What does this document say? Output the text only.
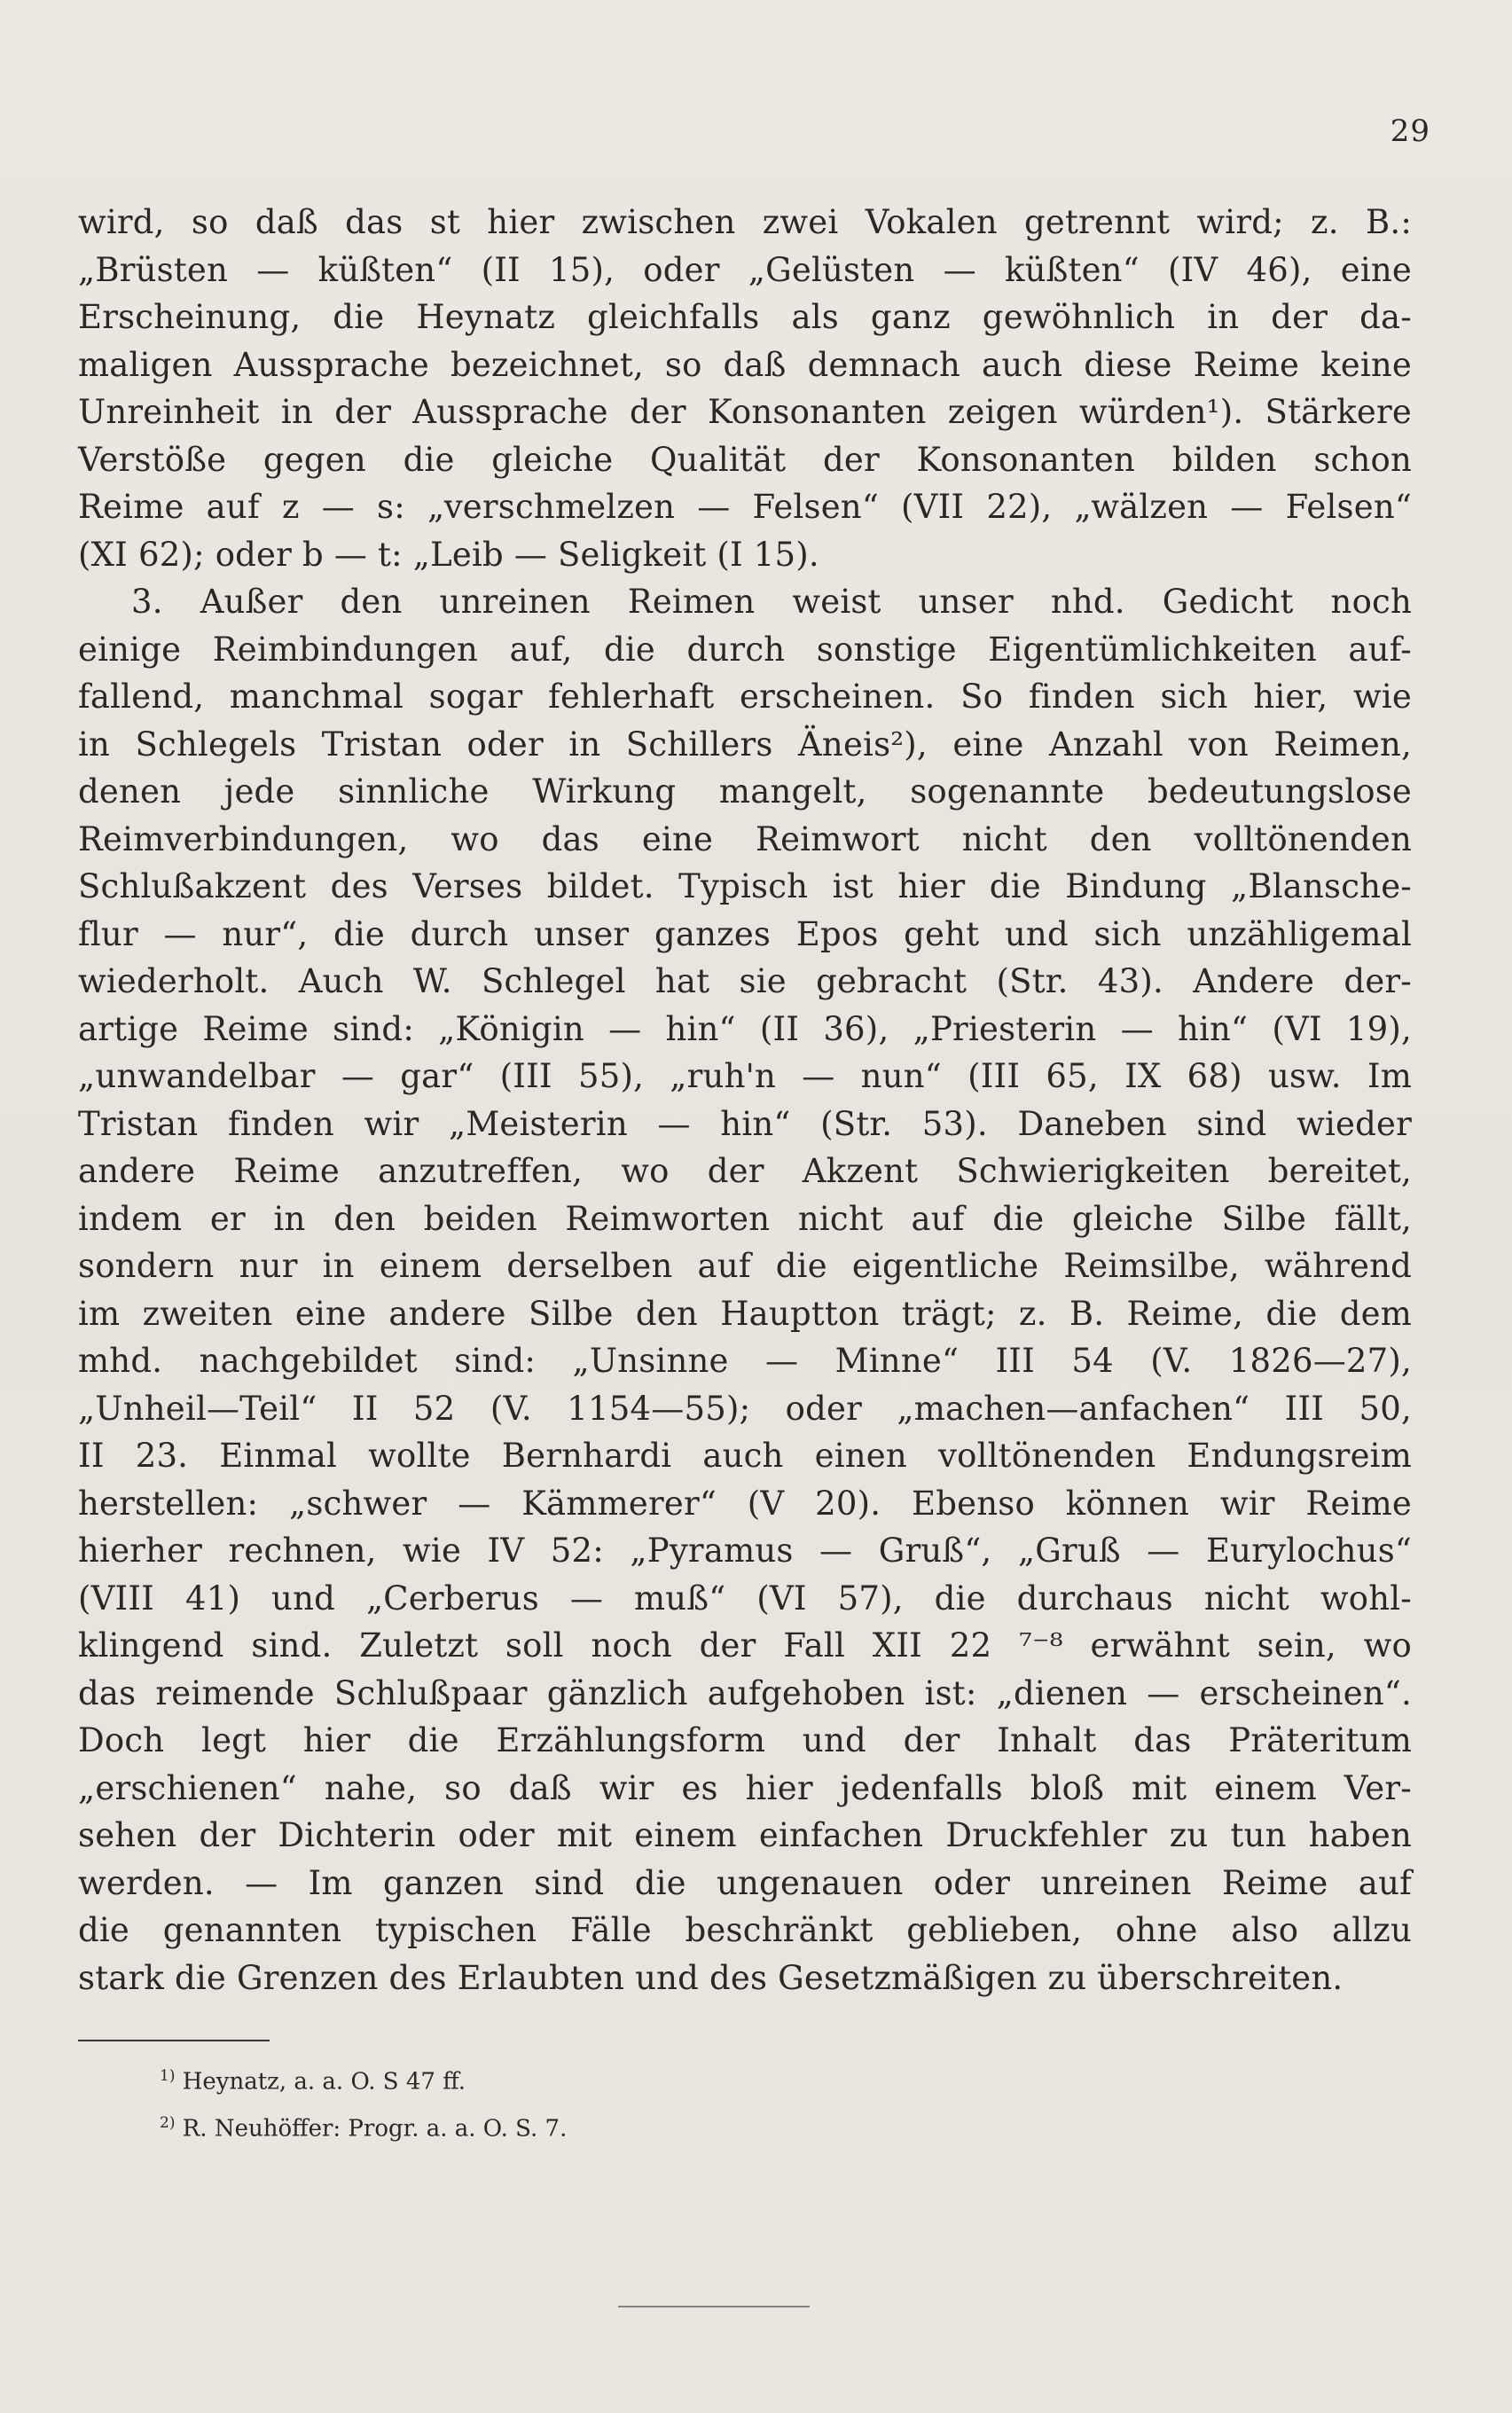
29
wird, so daß das st hier zwischen zwei Vokalen getrennt wird; z. B.:
„Brüsten — küßten“ (II 15), oder „Gelüsten — küßten“ (IV 46), eine
Erscheinung, die Heynatz gleichfalls als ganz gewöhnlich in der da-
maligen Aussprache bezeichnet, so daß demnach auch diese Reime keine
Unreinheit in der Aussprache der Konsonanten zeigen würden¹). Stärkere
Verstöße gegen die gleiche Qualität der Konsonanten bilden schon
Reime auf z — s: „verschmelzen — Felsen“ (VII 22), „wälzen — Felsen“
(XI 62); oder b — t: „Leib — Seligkeit (I 15).
3. Außer den unreinen Reimen weist unser nhd. Gedicht noch
einige Reimbindungen auf, die durch sonstige Eigentümlichkeiten auf-
fallend, manchmal sogar fehlerhaft erscheinen. So finden sich hier, wie
in Schlegels Tristan oder in Schillers Äneis²), eine Anzahl von Reimen,
denen jede sinnliche Wirkung mangelt, sogenannte bedeutungslose
Reimverbindungen, wo das eine Reimwort nicht den volltönenden
Schlußakzent des Verses bildet. Typisch ist hier die Bindung „Blansche-
flur — nur“, die durch unser ganzes Epos geht und sich unzähligemal
wiederholt. Auch W. Schlegel hat sie gebracht (Str. 43). Andere der-
artige Reime sind: „Königin — hin“ (II 36), „Priesterin — hin“ (VI 19),
„unwandelbar — gar“ (III 55), „ruh'n — nun“ (III 65, IX 68) usw. Im
Tristan finden wir „Meisterin — hin“ (Str. 53). Daneben sind wieder
andere Reime anzutreffen, wo der Akzent Schwierigkeiten bereitet,
indem er in den beiden Reimworten nicht auf die gleiche Silbe fällt,
sondern nur in einem derselben auf die eigentliche Reimsilbe, während
im zweiten eine andere Silbe den Hauptton trägt; z. B. Reime, die dem
mhd. nachgebildet sind: „Unsinne — Minne“ III 54 (V. 1826—27),
„Unheil—Teil“ II 52 (V. 1154—55); oder „machen—anfachen“ III 50,
II 23. Einmal wollte Bernhardi auch einen volltönenden Endungsreim
herstellen: „schwer — Kämmerer“ (V 20). Ebenso können wir Reime
hierher rechnen, wie IV 52: „Pyramus — Gruß“, „Gruß — Eurylochus“
(VIII 41) und „Cerberus — muß“ (VI 57), die durchaus nicht wohl-
klingend sind. Zuletzt soll noch der Fall XII 22 ⁷⁻⁸ erwähnt sein, wo
das reimende Schlußpaar gänzlich aufgehoben ist: „dienen — erscheinen“.
Doch legt hier die Erzählungsform und der Inhalt das Präteritum
„erschienen“ nahe, so daß wir es hier jedenfalls bloß mit einem Ver-
sehen der Dichterin oder mit einem einfachen Druckfehler zu tun haben
werden. — Im ganzen sind die ungenauen oder unreinen Reime auf
die genannten typischen Fälle beschränkt geblieben, ohne also allzu
stark die Grenzen des Erlaubten und des Gesetzmäßigen zu überschreiten.
$^{1)}$ Heynatz, a. a. O. S 47 ff.
$^{2)}$ R. Neuhöffer: Progr. a. a. O. S. 7.
